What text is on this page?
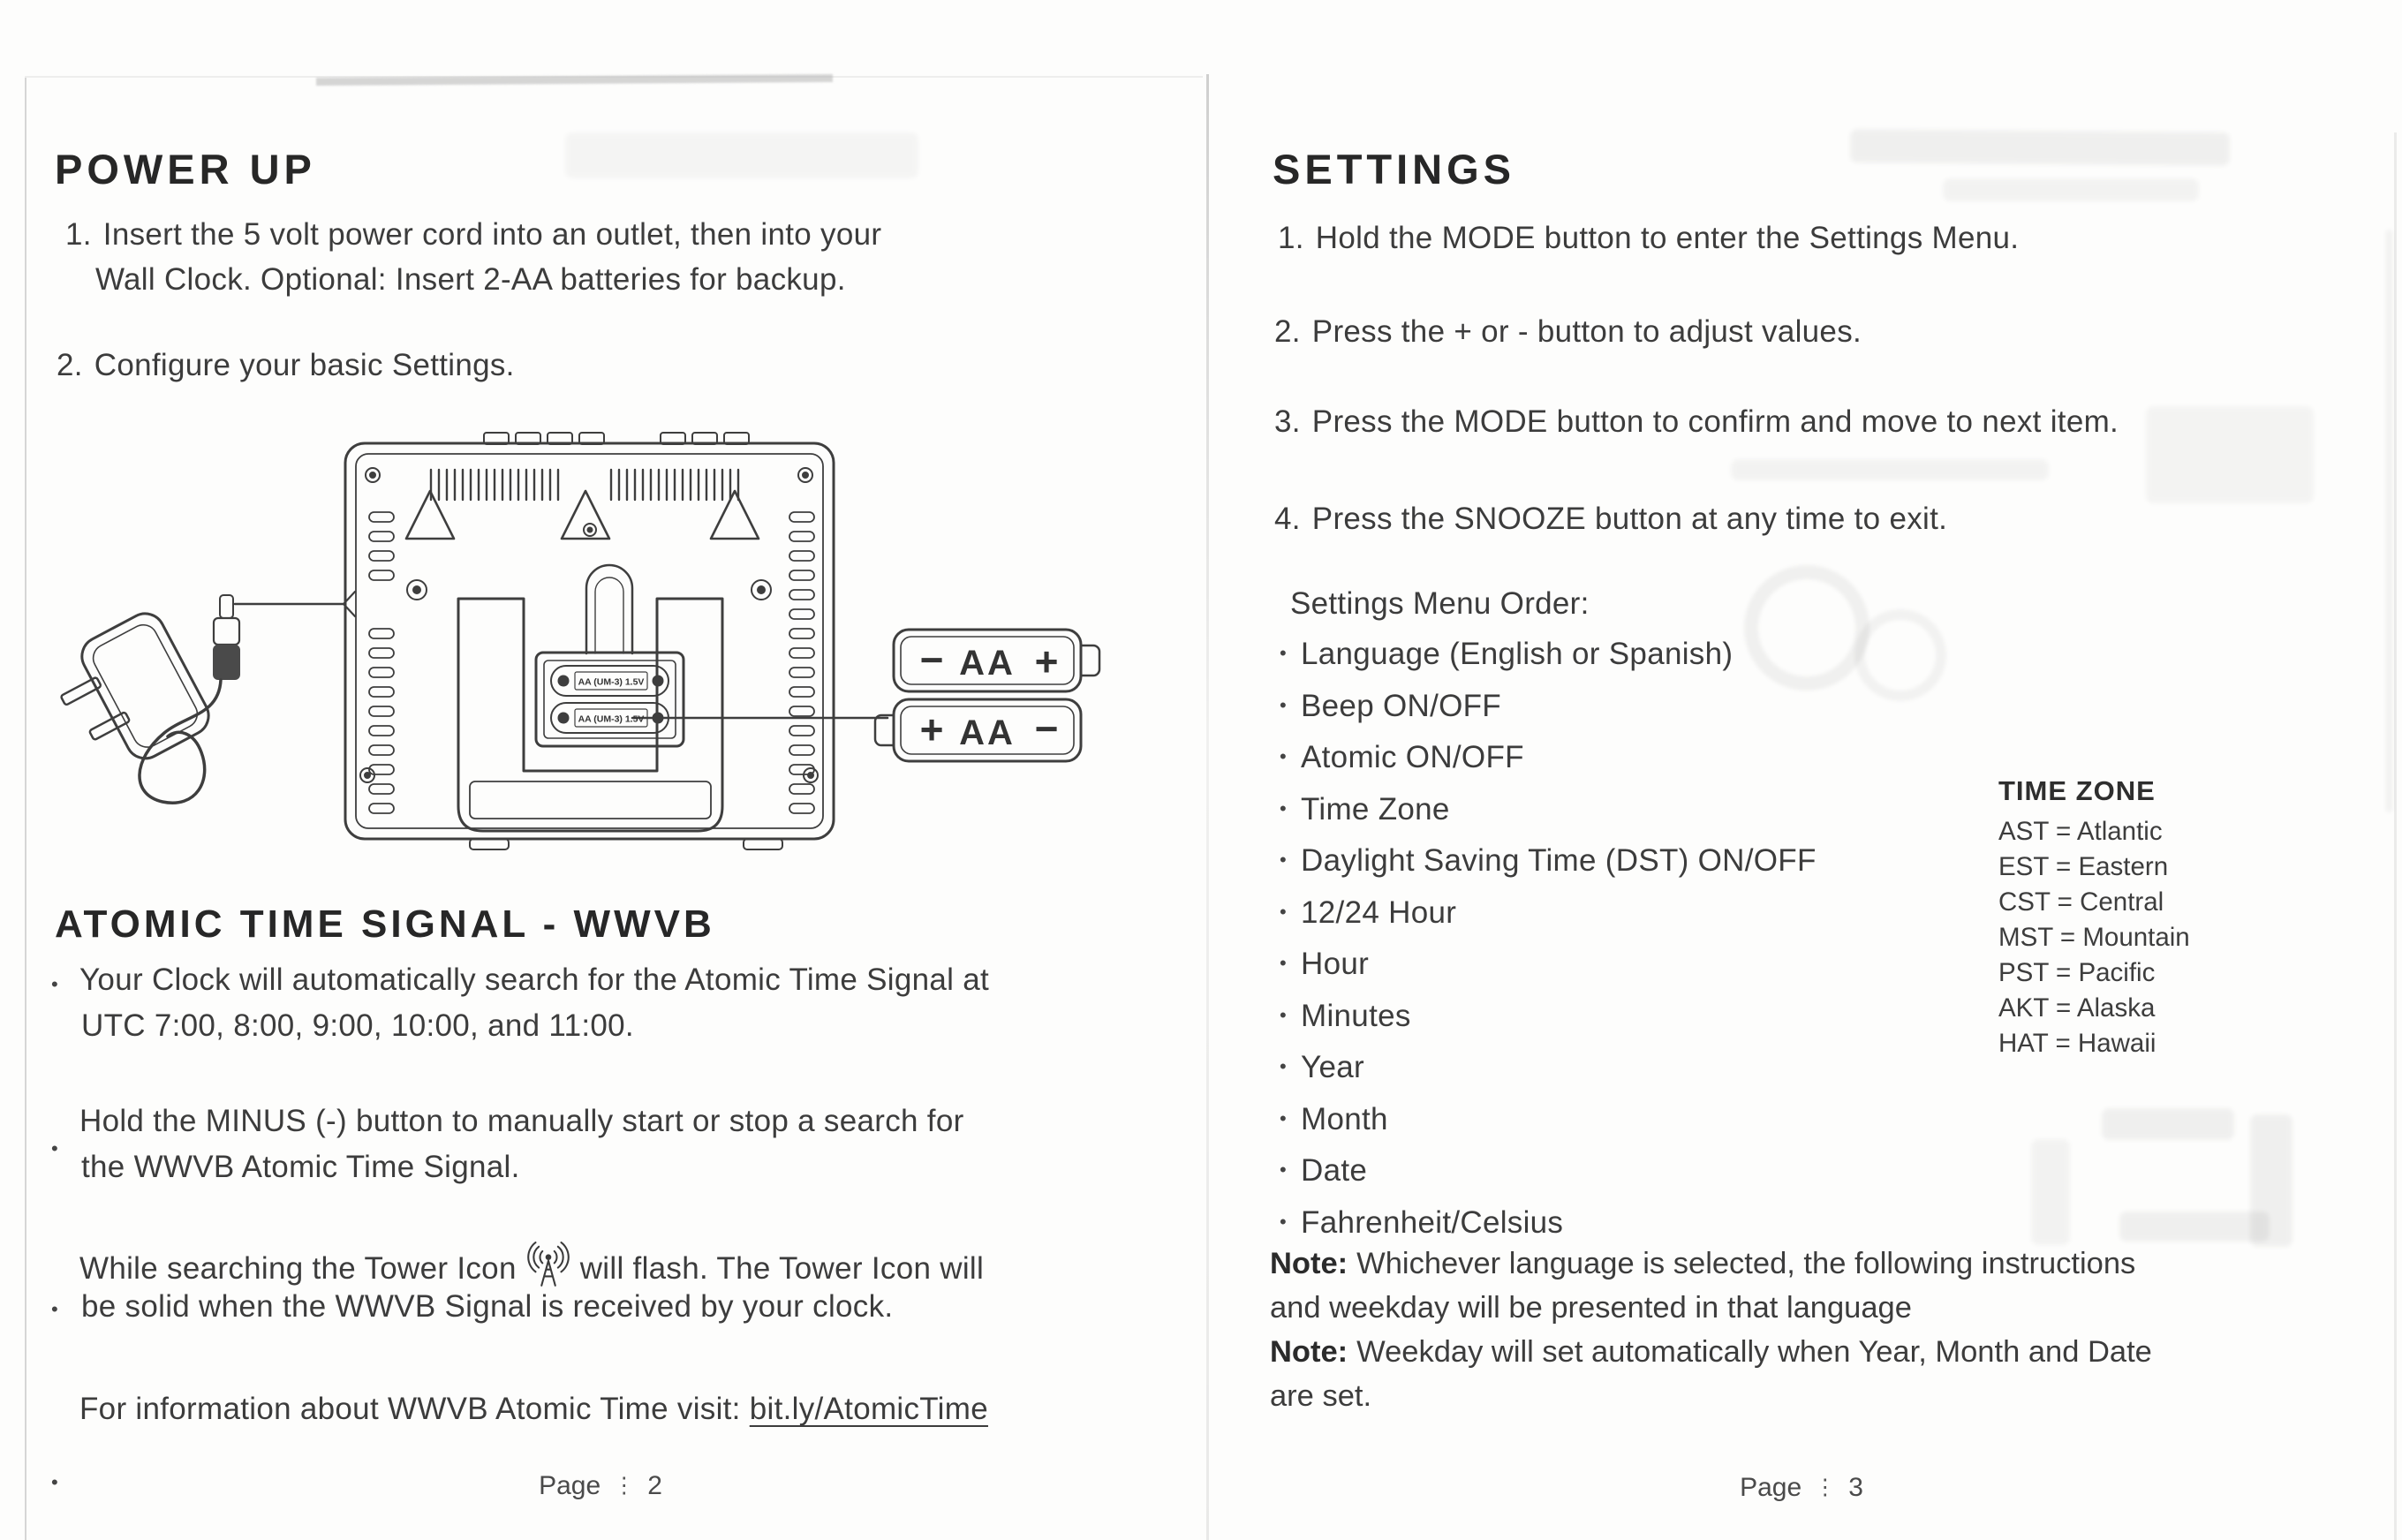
POWER UP
1. Insert the 5 volt power cord into an outlet, then into your
Wall Clock. Optional: Insert 2-AA batteries for backup.
2. Configure your basic Settings.
AA (UM-3) 1.5V
AA (UM-3) 1.5V
− AA +
+ AA −
ATOMIC TIME SIGNAL - WWVB
• Your Clock will automatically search for the Atomic Time Signal at
UTC 7:00, 8:00, 9:00, 10:00, and 11:00.
•
Hold the MINUS (-) button to manually start or stop a search for
the WWVB Atomic Time Signal.
•
While searching the Tower Icon will flash. The Tower Icon will
be solid when the WWVB Signal is received by your clock.
•
For information about WWVB Atomic Time visit: bit.ly/AtomicTime
Page ⋮ 2
SETTINGS
1. Hold the MODE button to enter the Settings Menu.
2. Press the + or - button to adjust values.
3. Press the MODE button to confirm and move to next item.
4. Press the SNOOZE button at any time to exit.
Settings Menu Order:
• Language (English or Spanish)
• Beep ON/OFF
• Atomic ON/OFF
• Time Zone
• Daylight Saving Time (DST) ON/OFF
• 12/24 Hour
• Hour
• Minutes
• Year
• Month
• Date
• Fahrenheit/Celsius
TIME ZONE
AST = Atlantic
EST = Eastern
CST = Central
MST = Mountain
PST = Pacific
AKT = Alaska
HAT = Hawaii
Note: Whichever language is selected, the following instructions
and weekday will be presented in that language
Note: Weekday will set automatically when Year, Month and Date
are set.
Page ⋮ 3
